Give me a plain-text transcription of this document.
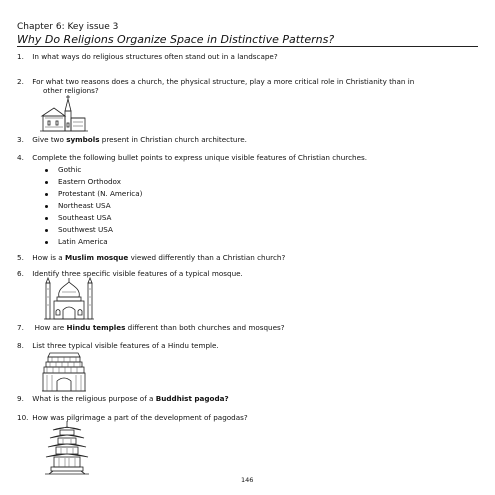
Chapter 6: Key issue 3
Why Do Religions Organize Space in Distinctive Patterns?
1. In what ways do religious structures often stand out in a landscape?
2. For what two reasons does a church, the physical structure, play a more critical role in Christianity than in
other religions?
3. Give two symbols present in Christian church architecture.
4. Complete the following bullet points to express unique visible features of Christian churches.
Gothic
Eastern Orthodox
Protestant (N. America)
Northeast USA
Southeast USA
Southwest USA
Latin America
5. How is a Muslim mosque viewed differently than a Christian church?
6. Identify three specific visible features of a typical mosque.
7. How are Hindu temples different than both churches and mosques?
8. List three typical visible features of a Hindu temple.
9. What is the religious purpose of a Buddhist pagoda?
10. How was pilgrimage a part of the development of pagodas?
146
